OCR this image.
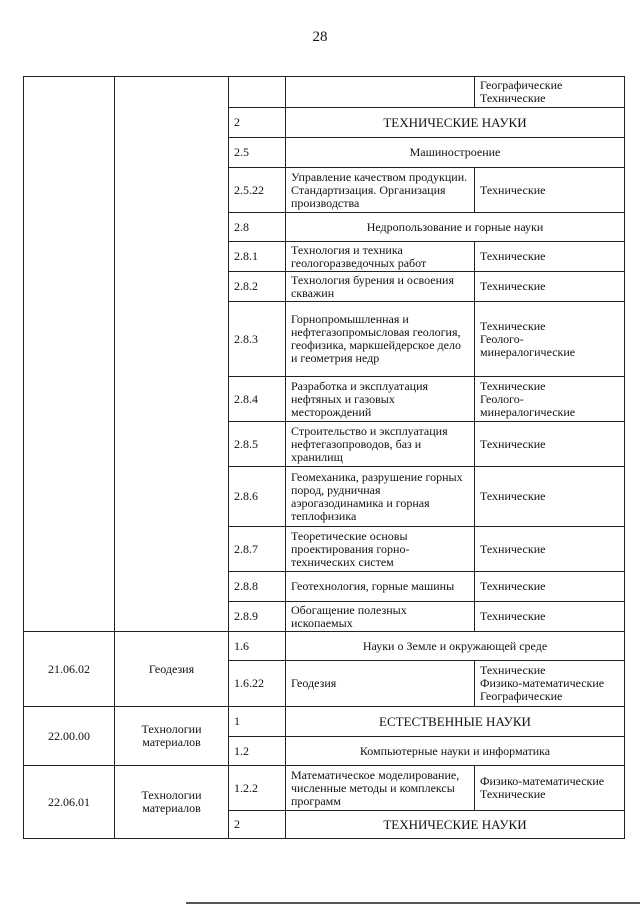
28
				Географические
Технические
		2	ТЕХНИЧЕСКИЕ НАУКИ	
		2.5	Машиностроение	
		2.5.22	Управление качеством продукции. Стандартизация. Организация производства	Технические
		2.8	Недропользование и горные науки	
		2.8.1	Технология и техника геологоразведочных работ	Технические
		2.8.2	Технология бурения и освоения скважин	Технические
		2.8.3	Горнопромышленная и нефтегазопромысловая геология, геофизика, маркшейдерское дело и геометрия недр	Технические
Геолого-
минералогические
		2.8.4	Разработка и эксплуатация нефтяных и газовых месторождений	Технические
Геолого-
минералогические
		2.8.5	Строительство и эксплуатация нефтегазопроводов, баз и хранилищ	Технические
		2.8.6	Геомеханика, разрушение горных пород, рудничная аэрогазодинамика и горная теплофизика	Технические
		2.8.7	Теоретические основы проектирования горно-технических систем	Технические
		2.8.8	Геотехнология, горные машины	Технические
		2.8.9	Обогащение полезных ископаемых	Технические
21.06.02	Геодезия	1.6	Науки о Земле и окружающей среде	
		1.6.22	Геодезия	Технические
Физико-математические
Географические
22.00.00	Технологии материалов	1	ЕСТЕСТВЕННЫЕ НАУКИ	
		1.2	Компьютерные науки и информатика	
22.06.01	Технологии материалов	1.2.2	Математическое моделирование, численные методы и комплексы программ	Физико-математические
Технические
		2	ТЕХНИЧЕСКИЕ НАУКИ	
